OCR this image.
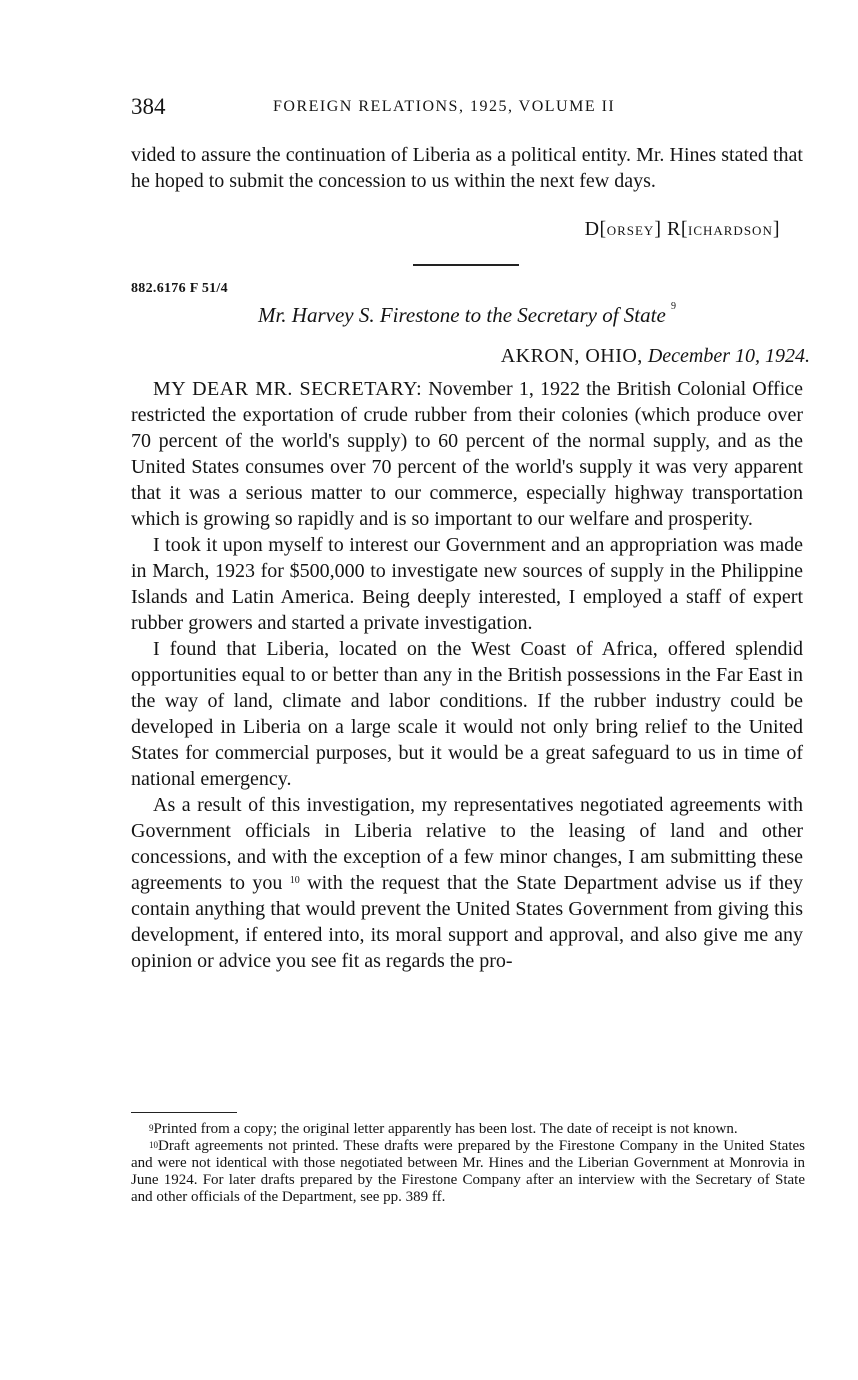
384	FOREIGN RELATIONS, 1925, VOLUME II
vided to assure the continuation of Liberia as a political entity. Mr. Hines stated that he hoped to submit the concession to us within the next few days.
D[ORSEY] R[ICHARDSON]
882.6176 F 51/4
Mr. Harvey S. Firestone to the Secretary of State $^9$
AKRON, OHIO, December 10, 1924.

MY DEAR MR. SECRETARY: November 1, 1922 the British Colonial Office restricted the exportation of crude rubber from their colonies (which produce over 70 percent of the world's supply) to 60 percent of the normal supply, and as the United States consumes over 70 percent of the world's supply it was very apparent that it was a serious matter to our commerce, especially highway transportation which is growing so rapidly and is so important to our welfare and prosperity.

I took it upon myself to interest our Government and an appropriation was made in March, 1923 for $500,000 to investigate new sources of supply in the Philippine Islands and Latin America. Being deeply interested, I employed a staff of expert rubber growers and started a private investigation.

I found that Liberia, located on the West Coast of Africa, offered splendid opportunities equal to or better than any in the British possessions in the Far East in the way of land, climate and labor conditions. If the rubber industry could be developed in Liberia on a large scale it would not only bring relief to the United States for commercial purposes, but it would be a great safeguard to us in time of national emergency.

As a result of this investigation, my representatives negotiated agreements with Government officials in Liberia relative to the leasing of land and other concessions, and with the exception of a few minor changes, I am submitting these agreements to you $^{10}$ with the request that the State Department advise us if they contain anything that would prevent the United States Government from giving this development, if entered into, its moral support and approval, and also give me any opinion or advice you see fit as regards the pro-

$^9$Printed from a copy; the original letter apparently has been lost. The date of receipt is not known.

$^{10}$Draft agreements not printed. These drafts were prepared by the Firestone Company in the United States and were not identical with those negotiated between Mr. Hines and the Liberian Government at Monrovia in June 1924. For later drafts prepared by the Firestone Company after an interview with the Secretary of State and other officials of the Department, see pp. 389 ff.
